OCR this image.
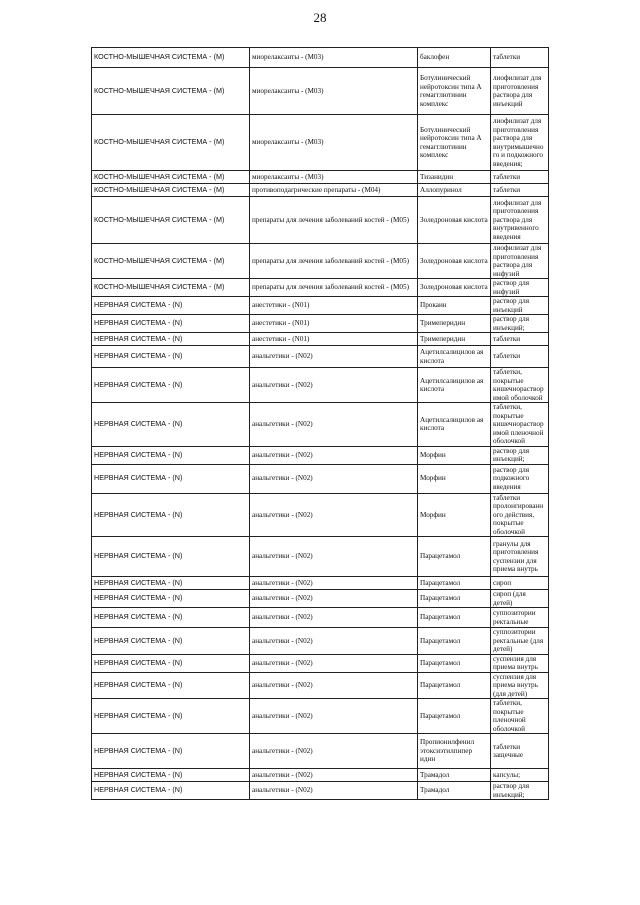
28
КОСТНО-МЫШЕЧНАЯ СИСТЕМА - (M)	миорелаксанты - (M03)	баклофен	таблетки
КОСТНО-МЫШЕЧНАЯ СИСТЕМА - (M)	миорелаксанты - (M03)	Ботулинический нейротоксин типа А гемагглютинин комплекс	лиофилизат для приготовления раствора для инъекций
КОСТНО-МЫШЕЧНАЯ СИСТЕМА - (M)	миорелаксанты - (M03)	Ботулинический нейротоксин типа А гемагглютинин комплекс	лиофилизат для приготовления раствора для внутримышечного и подкожного введения;
КОСТНО-МЫШЕЧНАЯ СИСТЕМА - (M)	миорелаксанты - (M03)	Тизанидин	таблетки
КОСТНО-МЫШЕЧНАЯ СИСТЕМА - (M)	противоподагрические препараты - (M04)	Аллопуринол	таблетки
КОСТНО-МЫШЕЧНАЯ СИСТЕМА - (M)	препараты для лечения заболеваний костей - (M05)	Золедроновая кислота	лиофилизат для приготовления раствора для внутривенного введения
КОСТНО-МЫШЕЧНАЯ СИСТЕМА - (M)	препараты для лечения заболеваний костей - (M05)	Золедроновая кислота	лиофилизат для приготовления раствора для инфузий
КОСТНО-МЫШЕЧНАЯ СИСТЕМА - (M)	препараты для лечения заболеваний костей - (M05)	Золедроновая кислота	раствор для инфузий
НЕРВНАЯ СИСТЕМА - (N)	анестетики - (N01)	Прокаин	раствор для инъекций
НЕРВНАЯ СИСТЕМА - (N)	анестетики - (N01)	Тримеперидин	раствор для инъекций;
НЕРВНАЯ СИСТЕМА - (N)	анестетики - (N01)	Тримеперидин	таблетки
НЕРВНАЯ СИСТЕМА - (N)	анальгетики - (N02)	Ацетилсалицилов ая кислота	таблетки
НЕРВНАЯ СИСТЕМА - (N)	анальгетики - (N02)	Ацетилсалицилов ая кислота	таблетки, покрытые кишечнорастворимой оболочкой
НЕРВНАЯ СИСТЕМА - (N)	анальгетики - (N02)	Ацетилсалицилов ая кислота	таблетки, покрытые кишечнорастворимой пленочной оболочкой
НЕРВНАЯ СИСТЕМА - (N)	анальгетики - (N02)	Морфин	раствор для инъекций;
НЕРВНАЯ СИСТЕМА - (N)	анальгетики - (N02)	Морфин	раствор для подкожного введения
НЕРВНАЯ СИСТЕМА - (N)	анальгетики - (N02)	Морфин	таблетки пролонгированного действия, покрытые оболочкой
НЕРВНАЯ СИСТЕМА - (N)	анальгетики - (N02)	Парацетамол	гранулы для приготовления суспензии для приема внутрь
НЕРВНАЯ СИСТЕМА - (N)	анальгетики - (N02)	Парацетамол	сироп
НЕРВНАЯ СИСТЕМА - (N)	анальгетики - (N02)	Парацетамол	сироп (для детей)
НЕРВНАЯ СИСТЕМА - (N)	анальгетики - (N02)	Парацетамол	суппозитории ректальные
НЕРВНАЯ СИСТЕМА - (N)	анальгетики - (N02)	Парацетамол	суппозитории ректальные (для детей)
НЕРВНАЯ СИСТЕМА - (N)	анальгетики - (N02)	Парацетамол	суспензия для приема внутрь
НЕРВНАЯ СИСТЕМА - (N)	анальгетики - (N02)	Парацетамол	суспензия для приема внутрь (для детей)
НЕРВНАЯ СИСТЕМА - (N)	анальгетики - (N02)	Парацетамол	таблетки, покрытые пленочной оболочкой
НЕРВНАЯ СИСТЕМА - (N)	анальгетики - (N02)	Пропионилфенил этоксиэтилпипер идин	таблетки защечные
НЕРВНАЯ СИСТЕМА - (N)	анальгетики - (N02)	Трамадол	капсулы;
НЕРВНАЯ СИСТЕМА - (N)	анальгетики - (N02)	Трамадол	раствор для инъекций;
